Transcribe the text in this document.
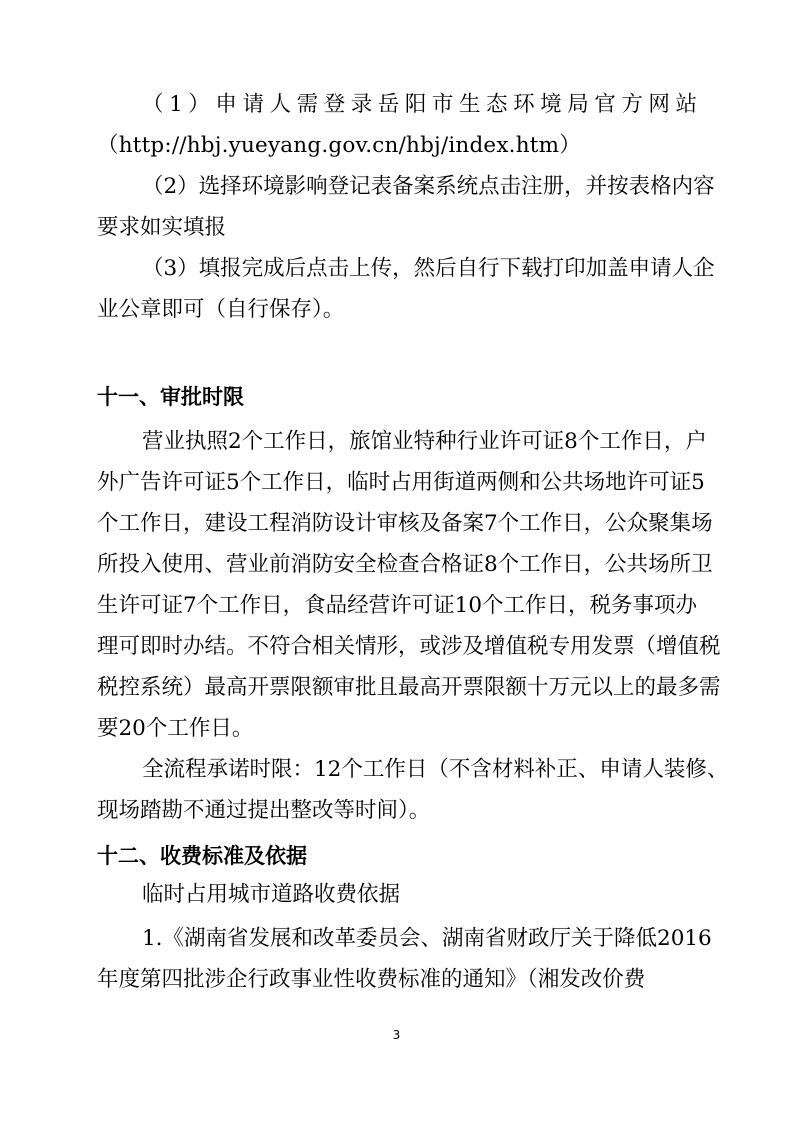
（1）申请人需登录岳阳市生态环境局官方网站
（http://hbj.yueyang.gov.cn/hbj/index.htm）
（2）选择环境影响登记表备案系统点击注册，并按表格内容
要求如实填报
（3）填报完成后点击上传，然后自行下载打印加盖申请人企
业公章即可（自行保存）。
十一、审批时限
营业执照2个工作日，旅馆业特种行业许可证8个工作日，户
外广告许可证5个工作日，临时占用街道两侧和公共场地许可证5
个工作日，建设工程消防设计审核及备案7个工作日，公众聚集场
所投入使用、营业前消防安全检查合格证8个工作日，公共场所卫
生许可证7个工作日，食品经营许可证10个工作日，税务事项办
理可即时办结。不符合相关情形，或涉及增值税专用发票（增值税
税控系统）最高开票限额审批且最高开票限额十万元以上的最多需
要20个工作日。
全流程承诺时限：12个工作日（不含材料补正、申请人装修、
现场踏勘不通过提出整改等时间）。
十二、收费标准及依据
临时占用城市道路收费依据
1.《湖南省发展和改革委员会、湖南省财政厅关于降低2016
年度第四批涉企行政事业性收费标准的通知》（湘发改价费
3
